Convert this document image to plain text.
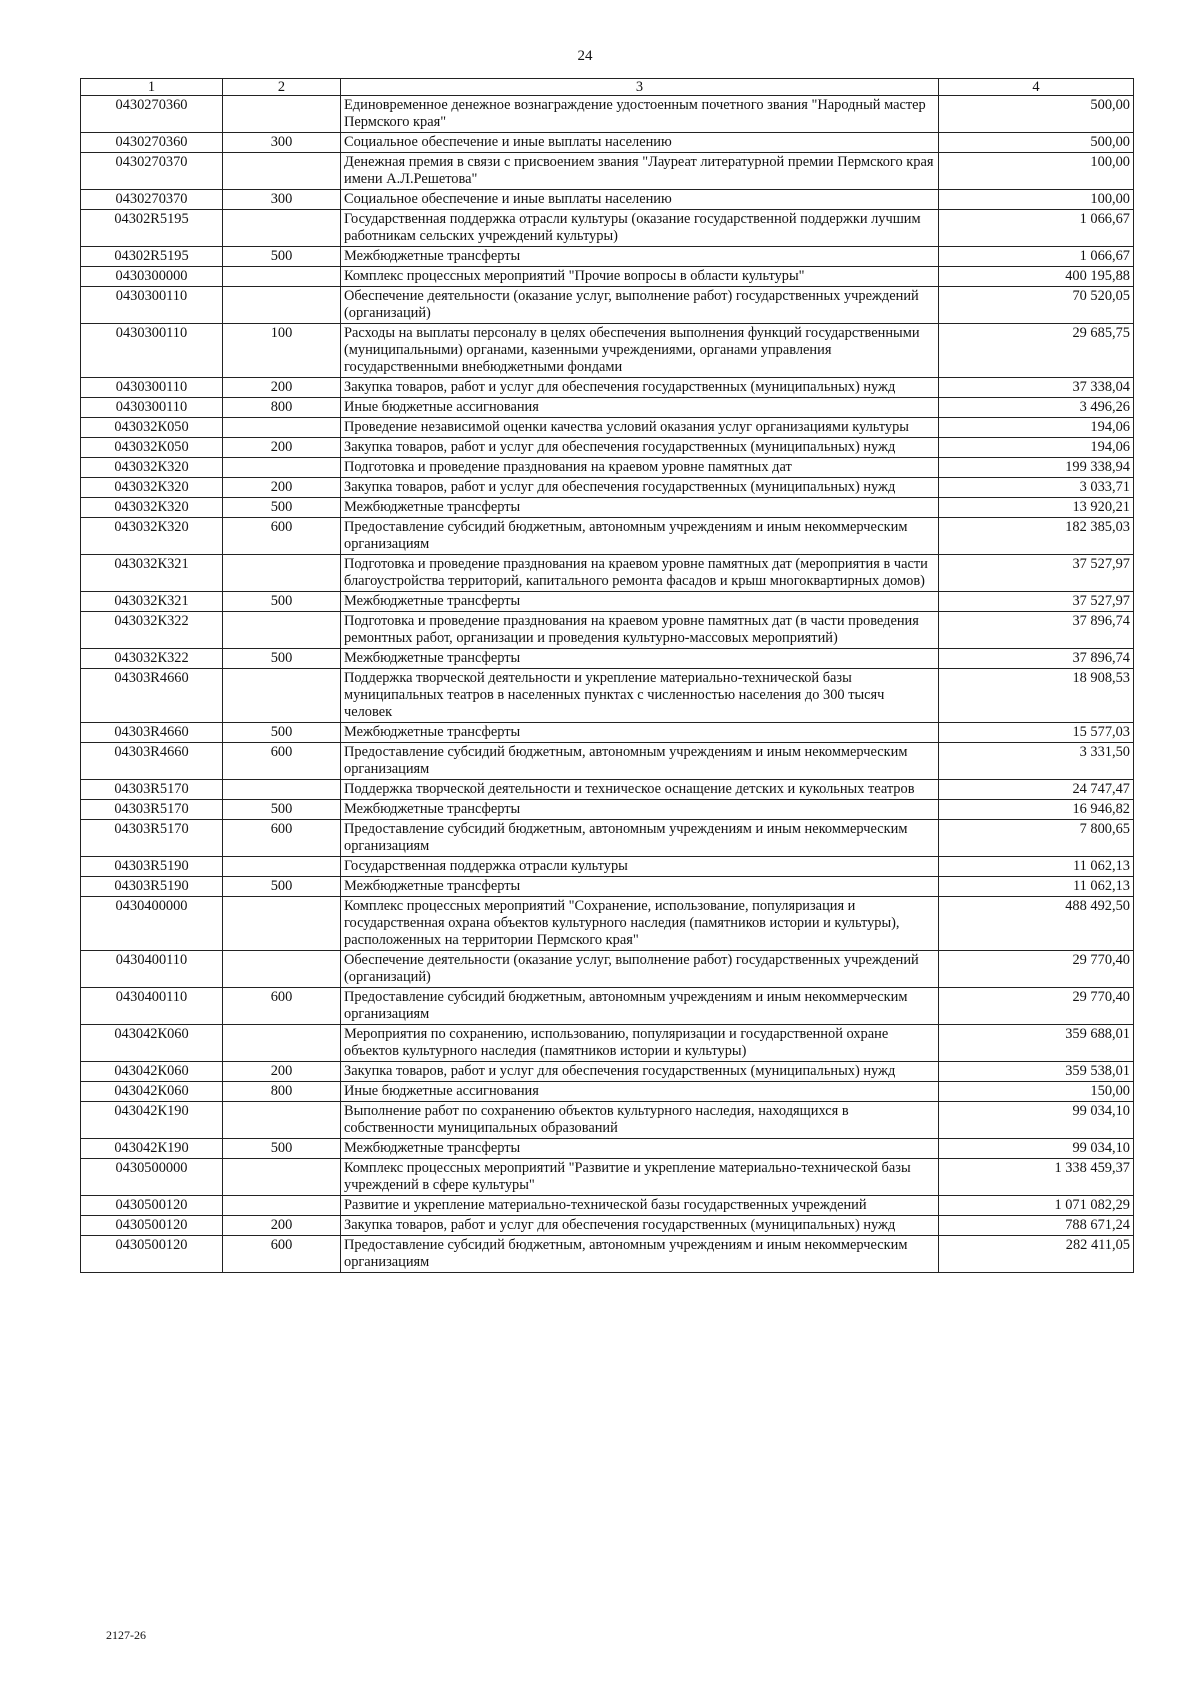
24
1	2	3	4
0430270360		Единовременное денежное вознаграждение удостоенным почетного звания "Народный мастер Пермского края"	500,00
0430270360	300	Социальное обеспечение и иные выплаты населению	500,00
0430270370		Денежная премия в связи с присвоением звания "Лауреат литературной премии Пермского края имени А.Л.Решетова"	100,00
0430270370	300	Социальное обеспечение и иные выплаты населению	100,00
04302R5195		Государственная поддержка отрасли культуры (оказание государственной поддержки лучшим работникам сельских учреждений культуры)	1 066,67
04302R5195	500	Межбюджетные трансферты	1 066,67
0430300000		Комплекс процессных мероприятий "Прочие вопросы в области культуры"	400 195,88
0430300110		Обеспечение деятельности (оказание услуг, выполнение работ) государственных учреждений (организаций)	70 520,05
0430300110	100	Расходы на выплаты персоналу в целях обеспечения выполнения функций государственными (муниципальными) органами, казенными учреждениями, органами управления государственными внебюджетными фондами	29 685,75
0430300110	200	Закупка товаров, работ и услуг для обеспечения государственных (муниципальных) нужд	37 338,04
0430300110	800	Иные бюджетные ассигнования	3 496,26
043032К050		Проведение независимой оценки качества условий оказания услуг организациями культуры	194,06
043032К050	200	Закупка товаров, работ и услуг для обеспечения государственных (муниципальных) нужд	194,06
043032К320		Подготовка и проведение празднования на краевом уровне памятных дат	199 338,94
043032К320	200	Закупка товаров, работ и услуг для обеспечения государственных (муниципальных) нужд	3 033,71
043032К320	500	Межбюджетные трансферты	13 920,21
043032К320	600	Предоставление субсидий бюджетным, автономным учреждениям и иным некоммерческим организациям	182 385,03
043032К321		Подготовка и проведение празднования на краевом уровне памятных дат (мероприятия в части благоустройства территорий, капитального ремонта фасадов и крыш многоквартирных домов)	37 527,97
043032К321	500	Межбюджетные трансферты	37 527,97
043032К322		Подготовка и проведение празднования на краевом уровне памятных дат (в части проведения ремонтных работ, организации и проведения культурно-массовых мероприятий)	37 896,74
043032К322	500	Межбюджетные трансферты	37 896,74
04303R4660		Поддержка творческой деятельности и укрепление материально-технической базы муниципальных театров в населенных пунктах с численностью населения до 300 тысяч человек	18 908,53
04303R4660	500	Межбюджетные трансферты	15 577,03
04303R4660	600	Предоставление субсидий бюджетным, автономным учреждениям и иным некоммерческим организациям	3 331,50
04303R5170		Поддержка творческой деятельности и техническое оснащение детских и кукольных театров	24 747,47
04303R5170	500	Межбюджетные трансферты	16 946,82
04303R5170	600	Предоставление субсидий бюджетным, автономным учреждениям и иным некоммерческим организациям	7 800,65
04303R5190		Государственная поддержка отрасли культуры	11 062,13
04303R5190	500	Межбюджетные трансферты	11 062,13
0430400000		Комплекс процессных мероприятий "Сохранение, использование, популяризация и государственная охрана объектов культурного наследия (памятников истории и культуры), расположенных на территории Пермского края"	488 492,50
0430400110		Обеспечение деятельности (оказание услуг, выполнение работ) государственных учреждений (организаций)	29 770,40
0430400110	600	Предоставление субсидий бюджетным, автономным учреждениям и иным некоммерческим организациям	29 770,40
043042К060		Мероприятия по сохранению, использованию, популяризации и государственной охране объектов культурного наследия (памятников истории и культуры)	359 688,01
043042К060	200	Закупка товаров, работ и услуг для обеспечения государственных (муниципальных) нужд	359 538,01
043042К060	800	Иные бюджетные ассигнования	150,00
043042К190		Выполнение работ по сохранению объектов культурного наследия, находящихся в собственности муниципальных образований	99 034,10
043042К190	500	Межбюджетные трансферты	99 034,10
0430500000		Комплекс процессных мероприятий "Развитие и укрепление материально-технической базы учреждений в сфере культуры"	1 338 459,37
0430500120		Развитие и укрепление материально-технической базы государственных учреждений	1 071 082,29
0430500120	200	Закупка товаров, работ и услуг для обеспечения государственных (муниципальных) нужд	788 671,24
0430500120	600	Предоставление субсидий бюджетным, автономным учреждениям и иным некоммерческим организациям	282 411,05
2127-26
